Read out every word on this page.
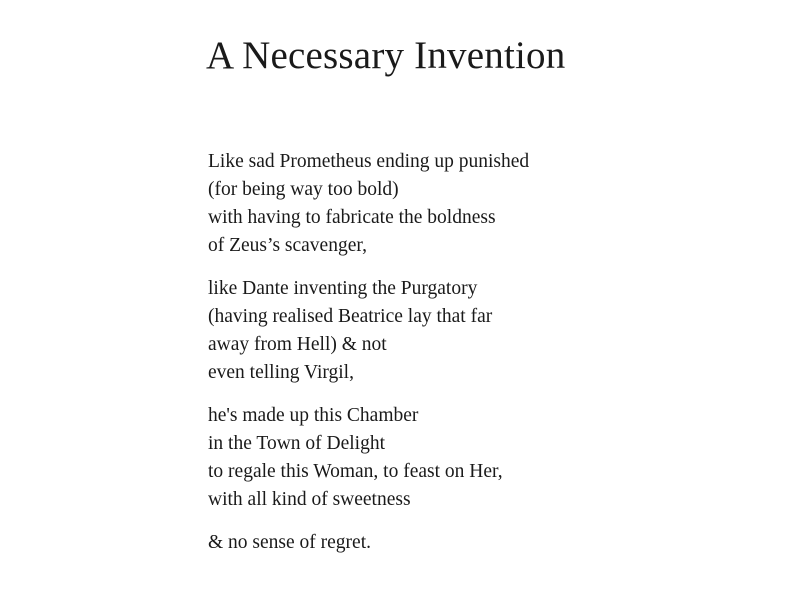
A Necessary Invention
Like sad Prometheus ending up punished
(for being way too bold)
with having to fabricate the boldness
of Zeus’s scavenger,
like Dante inventing the Purgatory
(having realised Beatrice lay that far
away from Hell) & not
even telling Virgil,
he's made up this Chamber
in the Town of Delight
to regale this Woman, to feast on Her,
with all kind of sweetness
& no sense of regret.
